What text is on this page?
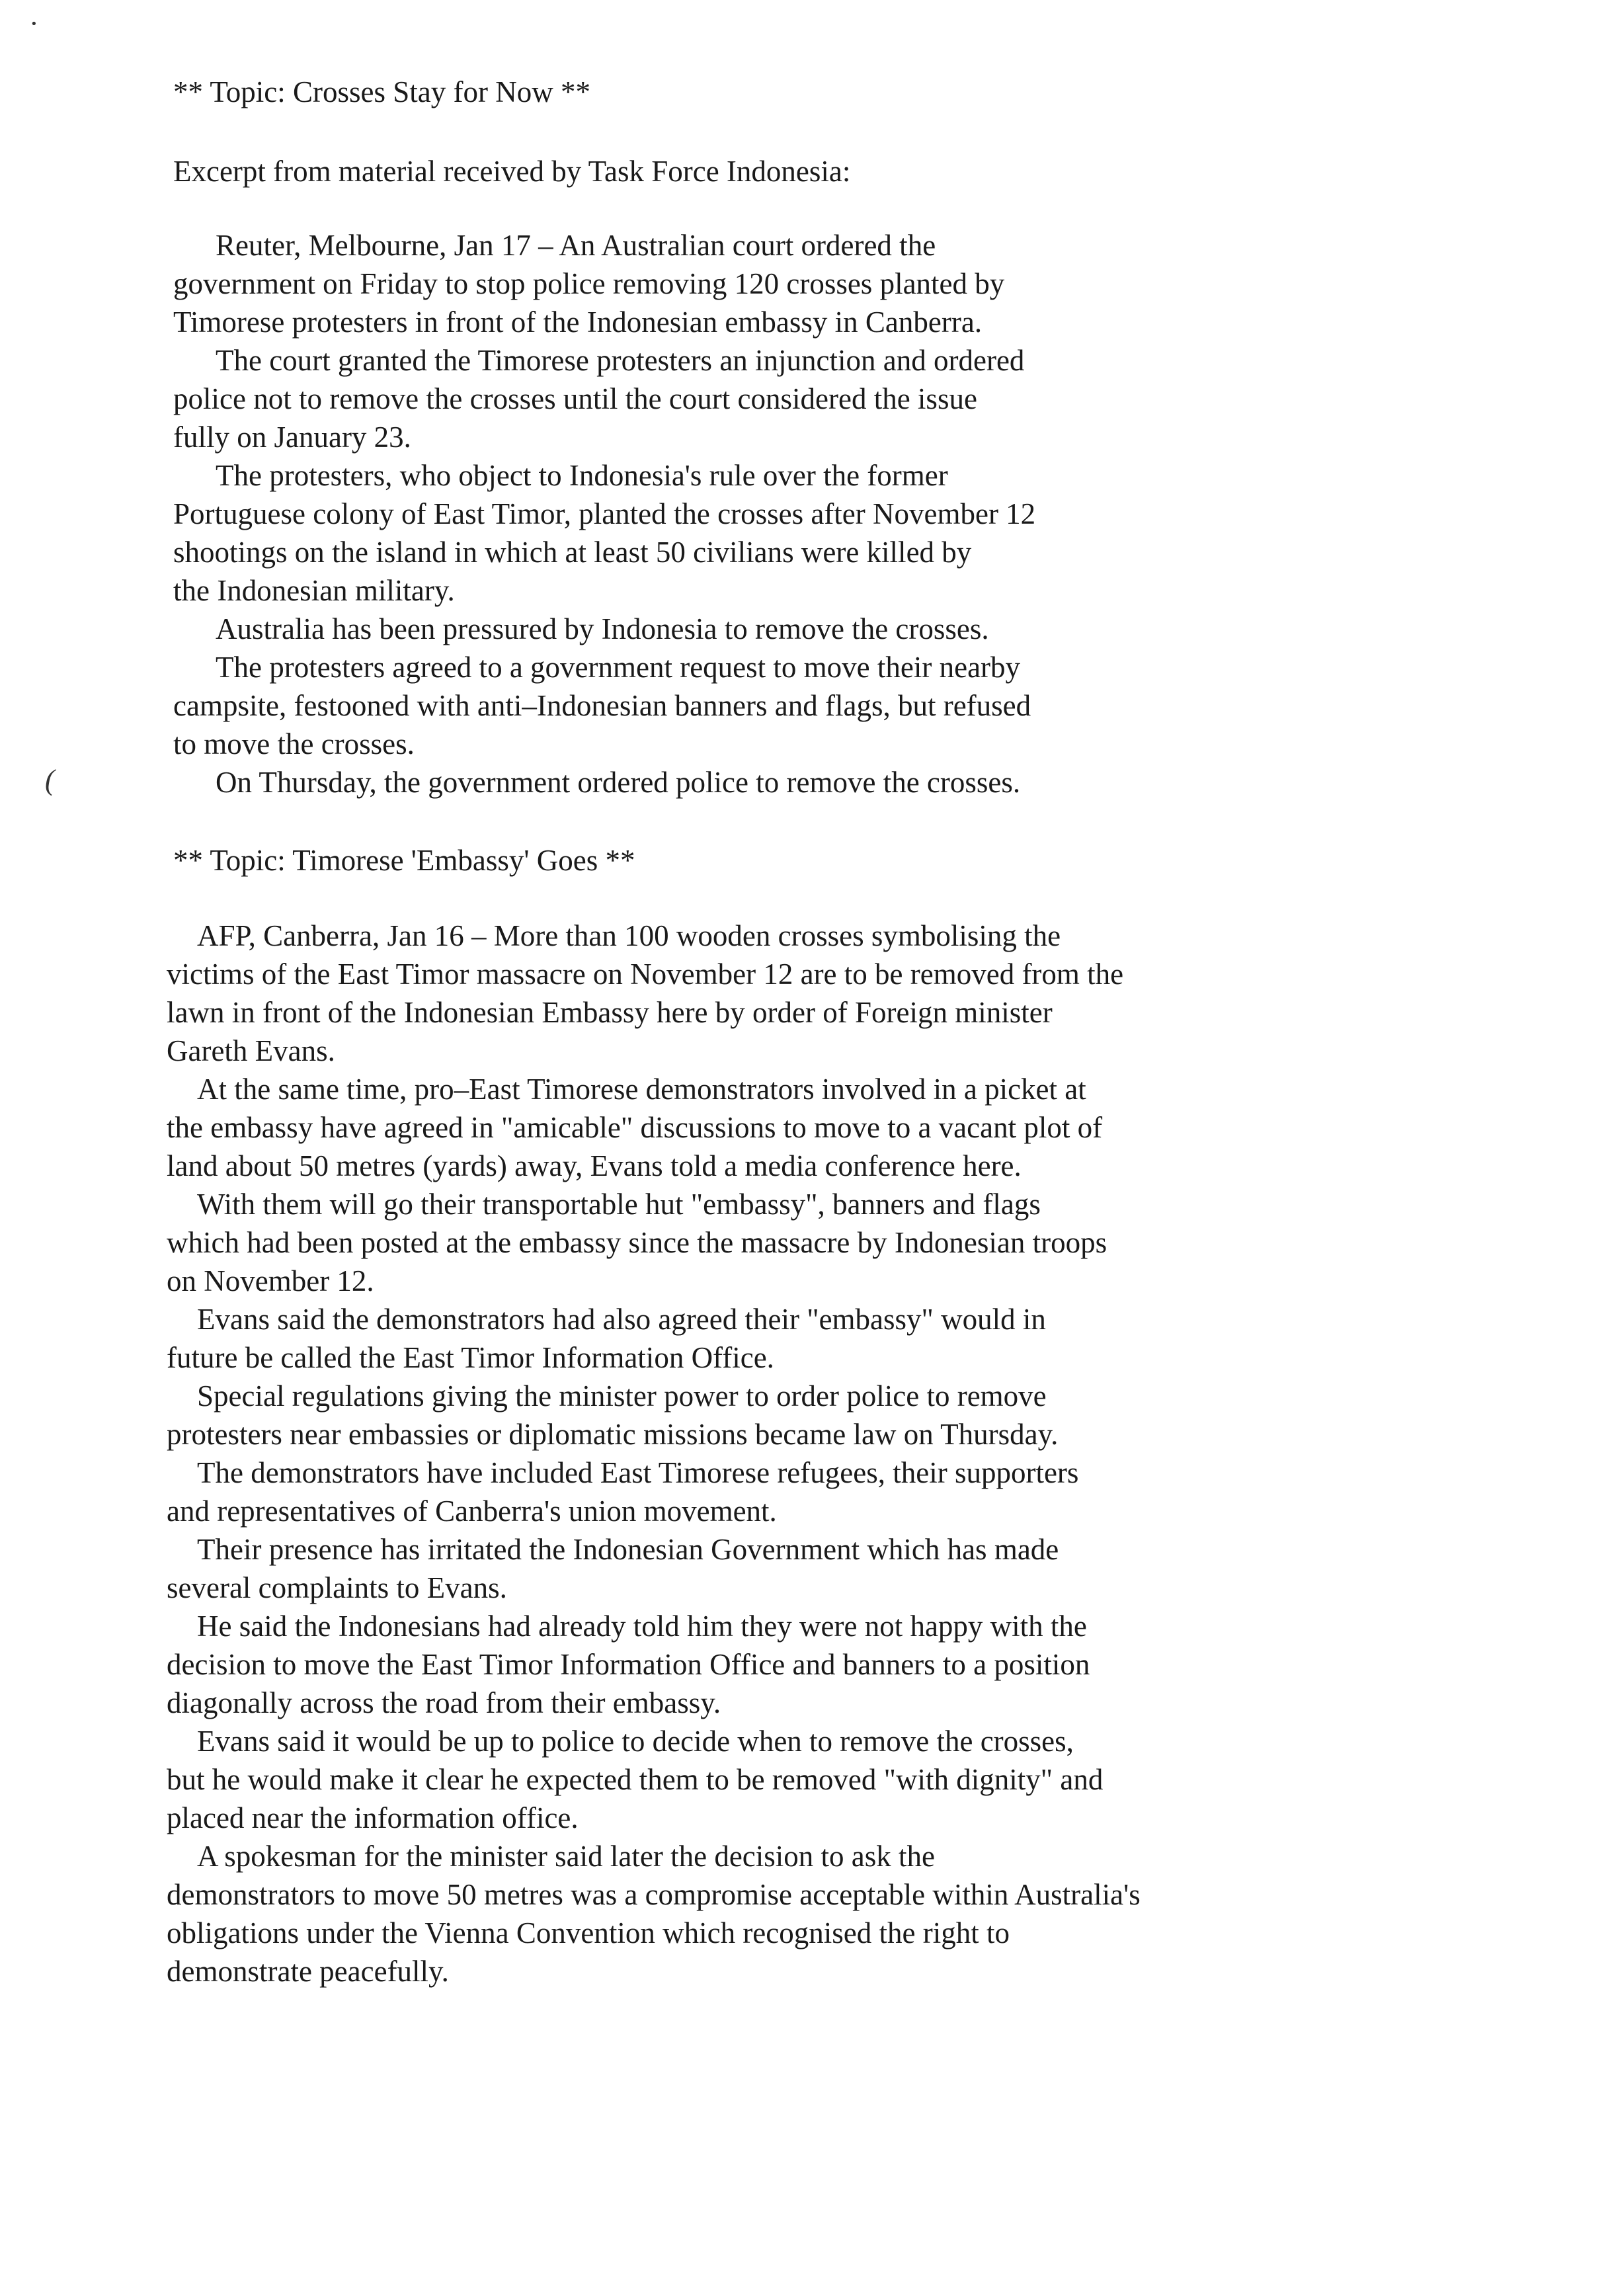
·
(

** Topic: Crosses Stay for Now **

Excerpt from material received by Task Force Indonesia:

Reuter, Melbourne, Jan 17 – An Australian court ordered the

government on Friday to stop police removing 120 crosses planted by

Timorese protesters in front of the Indonesian embassy in Canberra.

The court granted the Timorese protesters an injunction and ordered

police not to remove the crosses until the court considered the issue

fully on January 23.

The protesters, who object to Indonesia's rule over the former

Portuguese colony of East Timor, planted the crosses after November 12

shootings on the island in which at least 50 civilians were killed by

the Indonesian military.

Australia has been pressured by Indonesia to remove the crosses.

The protesters agreed to a government request to move their nearby

campsite, festooned with anti–Indonesian banners and flags, but refused

to move the crosses.

On Thursday, the government ordered police to remove the crosses.

** Topic: Timorese 'Embassy' Goes **

AFP, Canberra, Jan 16 – More than 100 wooden crosses symbolising the

victims of the East Timor massacre on November 12 are to be removed from the

lawn in front of the Indonesian Embassy here by order of Foreign minister

Gareth Evans.

At the same time, pro–East Timorese demonstrators involved in a picket at

the embassy have agreed in "amicable" discussions to move to a vacant plot of

land about 50 metres (yards) away, Evans told a media conference here.

With them will go their transportable hut "embassy", banners and flags

which had been posted at the embassy since the massacre by Indonesian troops

on November 12.

Evans said the demonstrators had also agreed their "embassy" would in

future be called the East Timor Information Office.

Special regulations giving the minister power to order police to remove

protesters near embassies or diplomatic missions became law on Thursday.

The demonstrators have included East Timorese refugees, their supporters

and representatives of Canberra's union movement.

Their presence has irritated the Indonesian Government which has made

several complaints to Evans.

He said the Indonesians had already told him they were not happy with the

decision to move the East Timor Information Office and banners to a position

diagonally across the road from their embassy.

Evans said it would be up to police to decide when to remove the crosses,

but he would make it clear he expected them to be removed "with dignity" and

placed near the information office.

A spokesman for the minister said later the decision to ask the

demonstrators to move 50 metres was a compromise acceptable within Australia's

obligations under the Vienna Convention which recognised the right to

demonstrate peacefully.
